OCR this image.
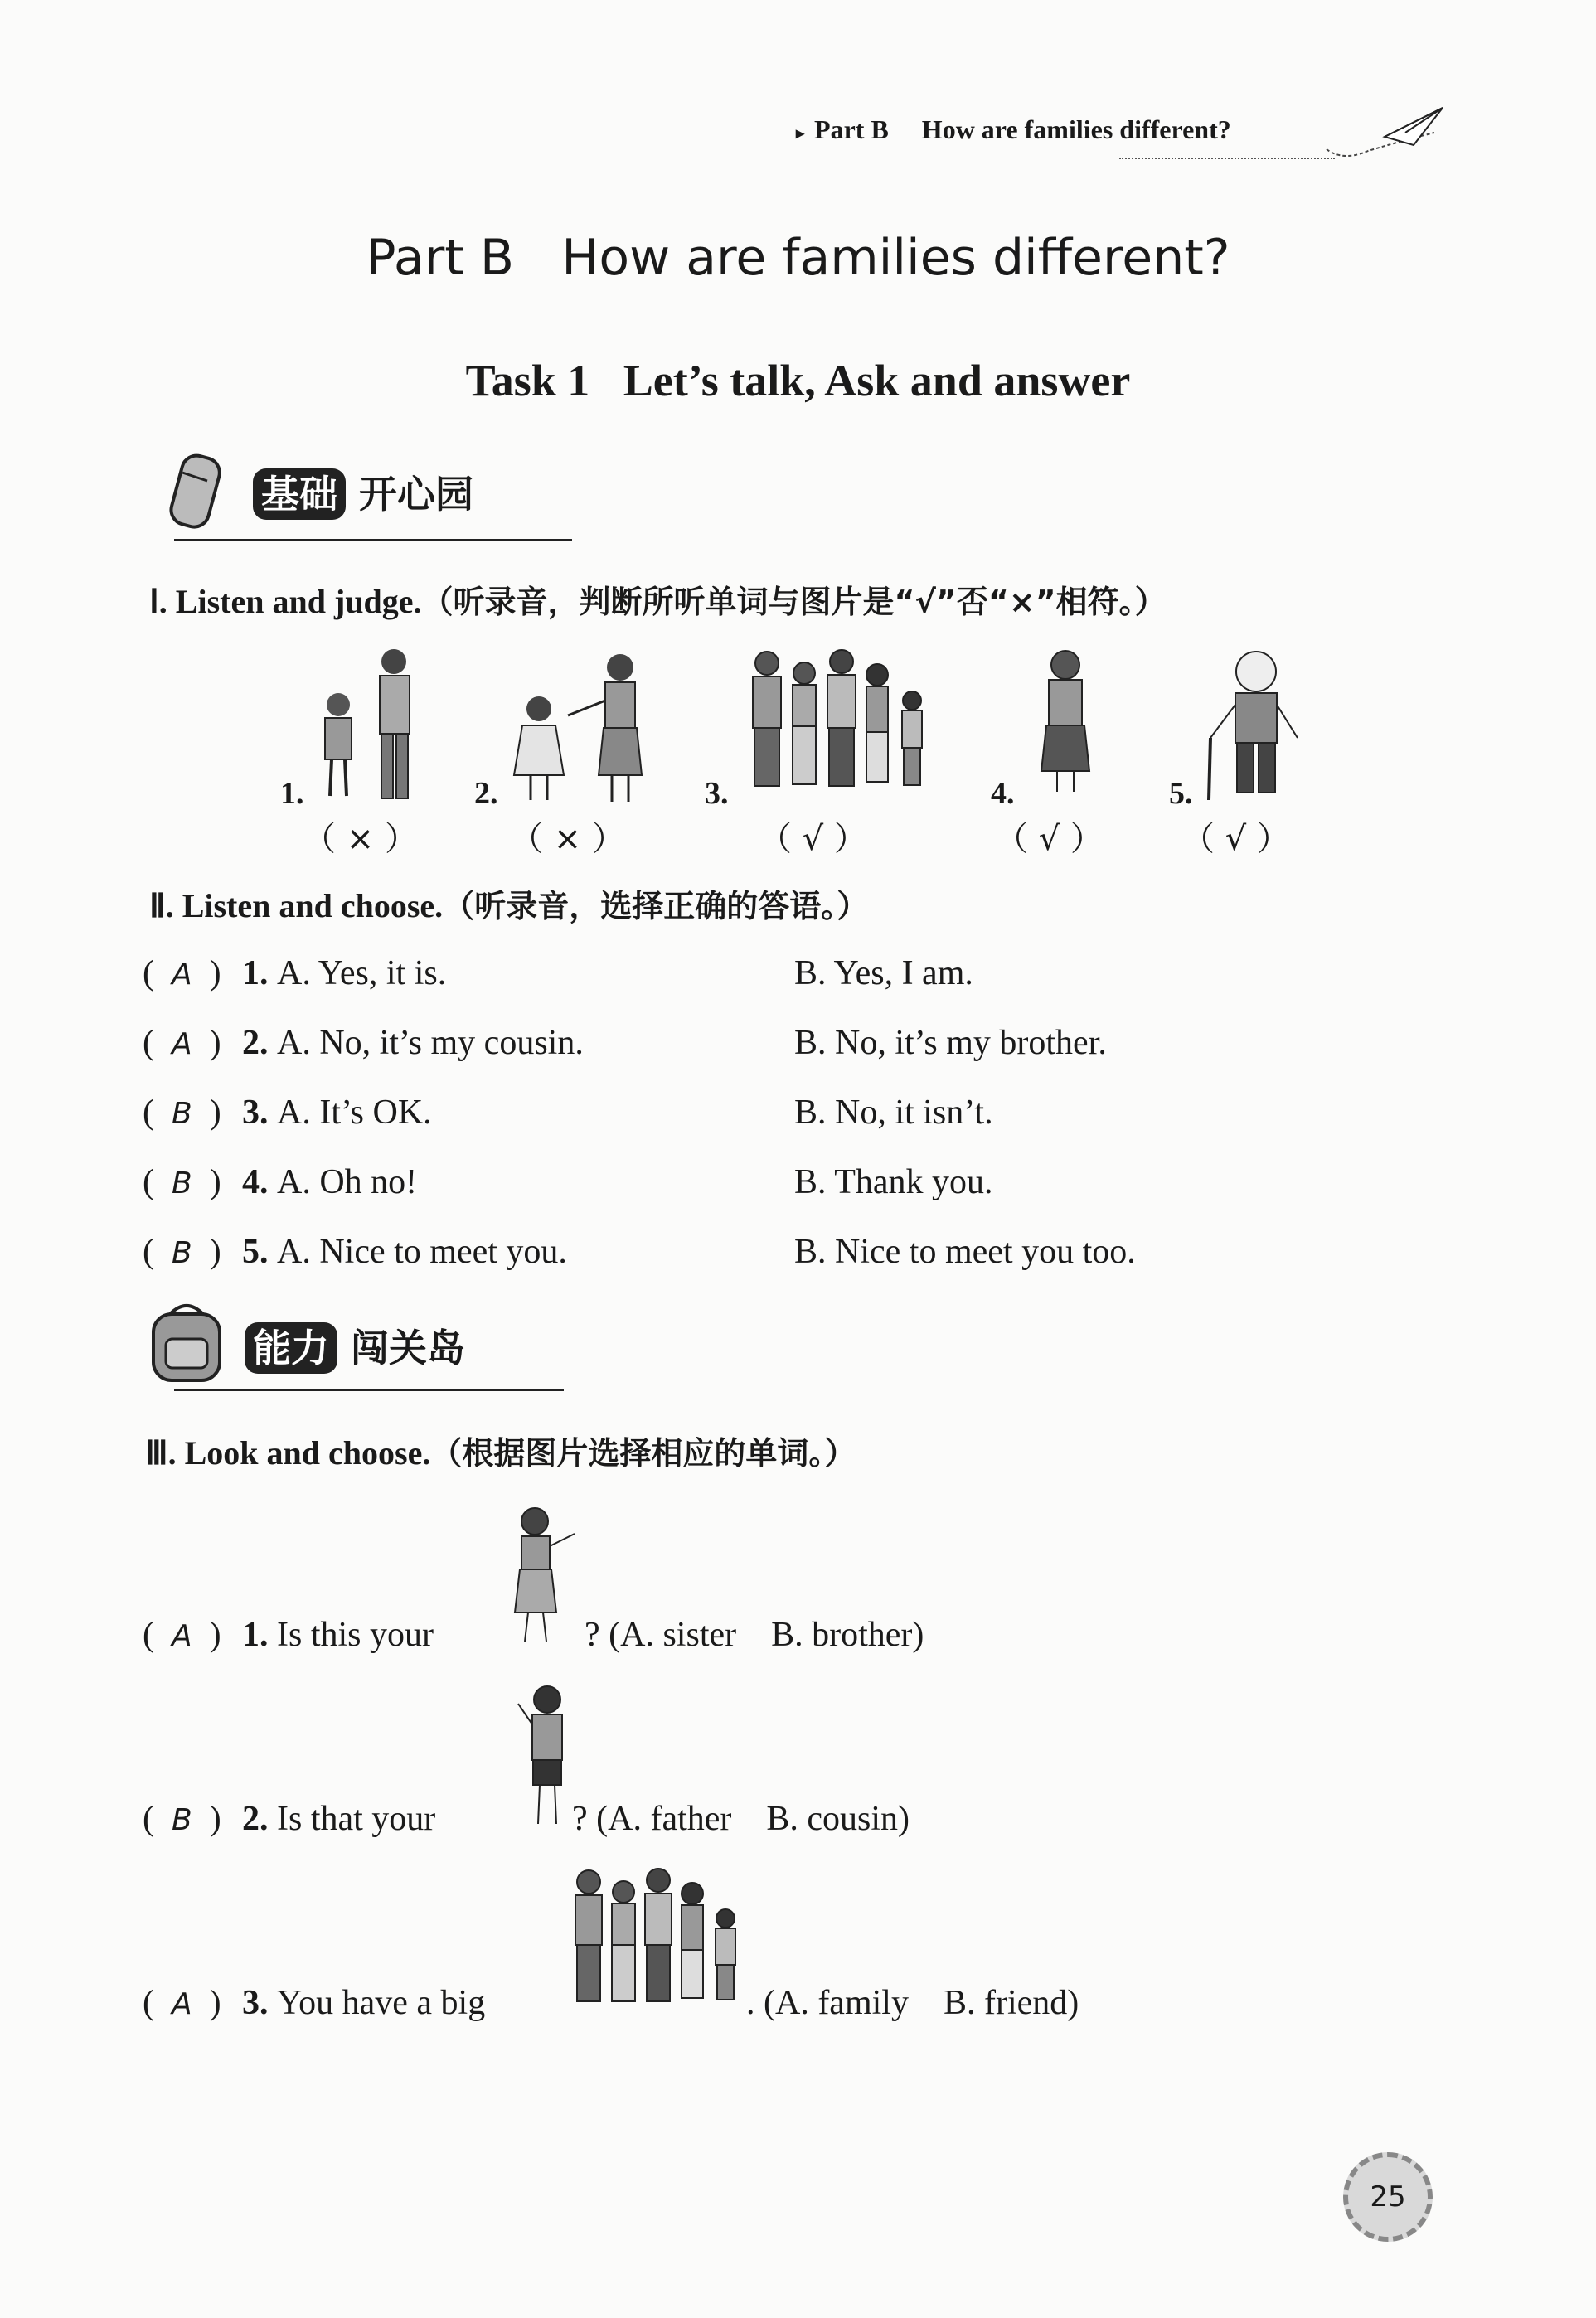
▸ Part B How are families different?
Part B   How are families different?
Task 1   Let’s talk, Ask and answer
基础 开心园
Ⅰ. Listen and judge.（听录音，判断所听单词与图片是“√”否“×”相符。）
1.	2.	3.	4.	5.
（ × ）	（ × ）	（ √ ）	（ √ ） （ √ ）
Ⅱ. Listen and choose.（听录音，选择正确的答语。）
(  A  ) 1. A. Yes, it is.	B. Yes, I am.
(  A  ) 2. A. No, it’s my cousin.	B. No, it’s my brother.
(  B  ) 3. A. It’s OK.	B. No, it isn’t.
(  B  ) 4. A. Oh no!	B. Thank you.
(  B  ) 5. A. Nice to meet you.	B. Nice to meet you too.
能力 闯关岛
Ⅲ. Look and choose.（根据图片选择相应的单词。）
(  A  ) 1. Is this your	? (A. sister    B. brother)
(  B  ) 2. Is that your	? (A. father    B. cousin)
(  A  ) 3. You have a big	. (A. family    B. friend)
25
